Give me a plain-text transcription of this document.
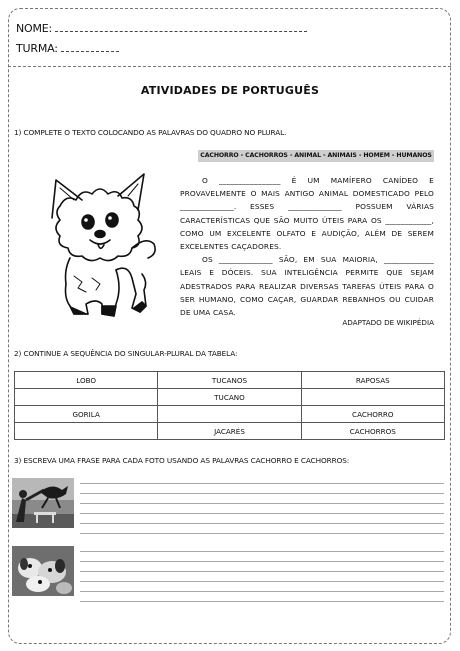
NOME:
TURMA:
ATIVIDADES DE PORTUGUÊS
1) COMPLETE O TEXTO COLOCANDO AS PALAVRAS DO QUADRO NO PLURAL.
CACHORRO - CACHORROS - ANIMAL - ANIMAIS - HOMEM - HUMANOS

O ________________ É UM MAMÍFERO CANÍDEO E PROVAVELMENTE O MAIS ANTIGO ANIMAL DOMESTICADO PELO ______________. ESSES ______________ POSSUEM VÁRIAS CARACTERÍSTICAS QUE SÃO MUITO ÚTEIS PARA OS ____________, COMO UM EXCELENTE OLFATO E AUDIÇÃO, ALÉM DE SEREM EXCELENTES CAÇADORES.

OS ______________ SÃO, EM SUA MAIORIA, _____________ LEAIS E DÓCEIS. SUA INTELIGÊNCIA PERMITE QUE SEJAM ADESTRADOS PARA REALIZAR DIVERSAS TAREFAS ÚTEIS PARA O SER HUMANO, COMO CAÇAR, GUARDAR REBANHOS OU CUIDAR DE UMA CASA.

ADAPTADO DE WIKIPÉDIA
2) CONTINUE A SEQUÊNCIA DO SINGULAR-PLURAL DA TABELA:
LOBO	TUCANOS	RAPOSAS
	TUCANO	
GORILA		CACHORRO
	JACARÉS	CACHORROS
3) ESCREVA UMA FRASE PARA CADA FOTO USANDO AS PALAVRAS CACHORRO E CACHORROS:
